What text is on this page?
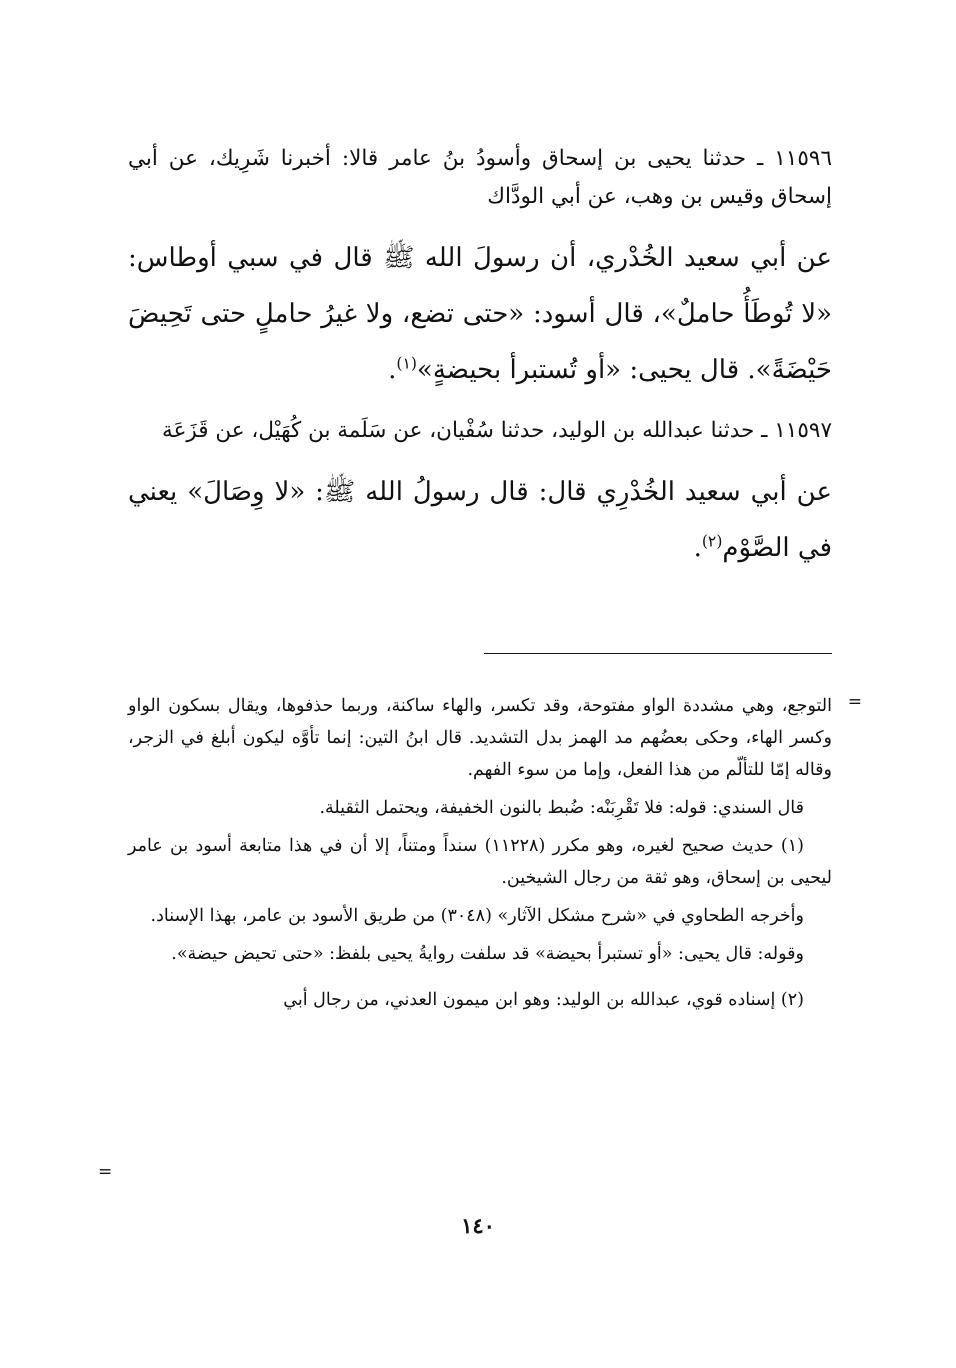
١١٥٩٦ ـ حدثنا يحيى بن إسحاق وأسودُ بنُ عامر قالا: أخبرنا شَرِيك، عن أبي إسحاق وقيس بن وهب، عن أبي الودَّاك

عن أبي سعيد الخُدْري، أن رسولَ الله ﷺ قال في سبي أوطاس: «لا تُوطَأُ حاملٌ»، قال أسود: «حتى تضع، ولا غيرُ حاملٍ حتى تَحِيضَ حَيْضَةً». قال يحيى: «أو تُستبرأ بحيضةٍ»$^{(١)}$.

١١٥٩٧ ـ حدثنا عبدالله بن الوليد، حدثنا سُفْيان، عن سَلَمة بن كُهَيْل، عن قَزَعَة

عن أبي سعيد الخُدْرِي قال: قال رسولُ الله ﷺ: «لا وِصَالَ» يعني في الصَّوْم$^{(٢)}$.

=

التوجع، وهي مشددة الواو مفتوحة، وقد تكسر، والهاء ساكنة، وربما حذفوها، ويقال بسكون الواو وكسر الهاء، وحكى بعضُهم مد الهمز بدل التشديد. قال ابنُ التين: إنما تأوَّه ليكون أبلغ في الزجر، وقاله إمّا للتألّم من هذا الفعل، وإما من سوء الفهم.

قال السندي: قوله: فلا تَقْرِبَنْه: ضُبط بالنون الخفيفة، ويحتمل الثقيلة.

(١) حديث صحيح لغيره، وهو مكرر (١١٢٢٨) سنداً ومتناً، إلا أن في هذا متابعة أسود بن عامر ليحيى بن إسحاق، وهو ثقة من رجال الشيخين.

وأخرجه الطحاوي في «شرح مشكل الآثار» (٣٠٤٨) من طريق الأسود بن عامر، بهذا الإسناد.

وقوله: قال يحيى: «أو تستبرأ بحيضة» قد سلفت روايةُ يحيى بلفظ: «حتى تحيض حيضة».

(٢) إسناده قوي، عبدالله بن الوليد: وهو ابن ميمون العدني، من رجال أبي

=
١٤٠
